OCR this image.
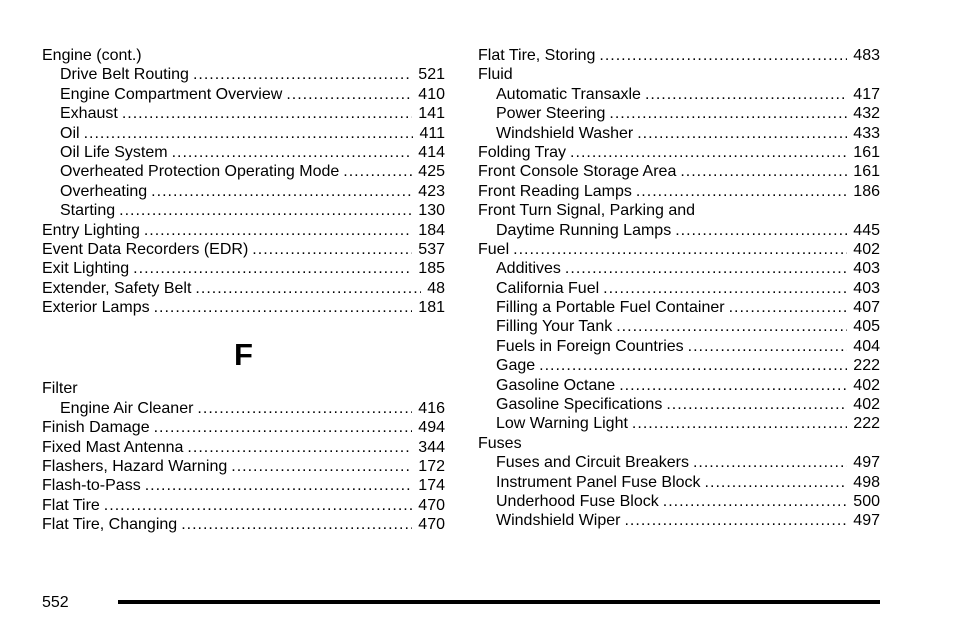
Engine (cont.)
Drive Belt Routing .....	521
Engine Compartment Overview .....	410
Exhaust .....	141
Oil .....	411
Oil Life System .....	414
Overheated Protection Operating Mode .....	425
Overheating .....	423
Starting .....	130
Entry Lighting .....	184
Event Data Recorders (EDR) .....	537
Exit Lighting .....	185
Extender, Safety Belt .....	48
Exterior Lamps .....	181
F
Filter
Engine Air Cleaner .....	416
Finish Damage .....	494
Fixed Mast Antenna .....	344
Flashers, Hazard Warning .....	172
Flash-to-Pass .....	174
Flat Tire .....	470
Flat Tire, Changing .....	470
Flat Tire, Storing .....	483
Fluid
Automatic Transaxle .....	417
Power Steering .....	432
Windshield Washer .....	433
Folding Tray .....	161
Front Console Storage Area .....	161
Front Reading Lamps .....	186
Front Turn Signal, Parking and
Daytime Running Lamps .....	445
Fuel .....	402
Additives .....	403
California Fuel .....	403
Filling a Portable Fuel Container .....	407
Filling Your Tank .....	405
Fuels in Foreign Countries .....	404
Gage .....	222
Gasoline Octane .....	402
Gasoline Specifications .....	402
Low Warning Light .....	222
Fuses
Fuses and Circuit Breakers .....	497
Instrument Panel Fuse Block .....	498
Underhood Fuse Block .....	500
Windshield Wiper .....	497
552
